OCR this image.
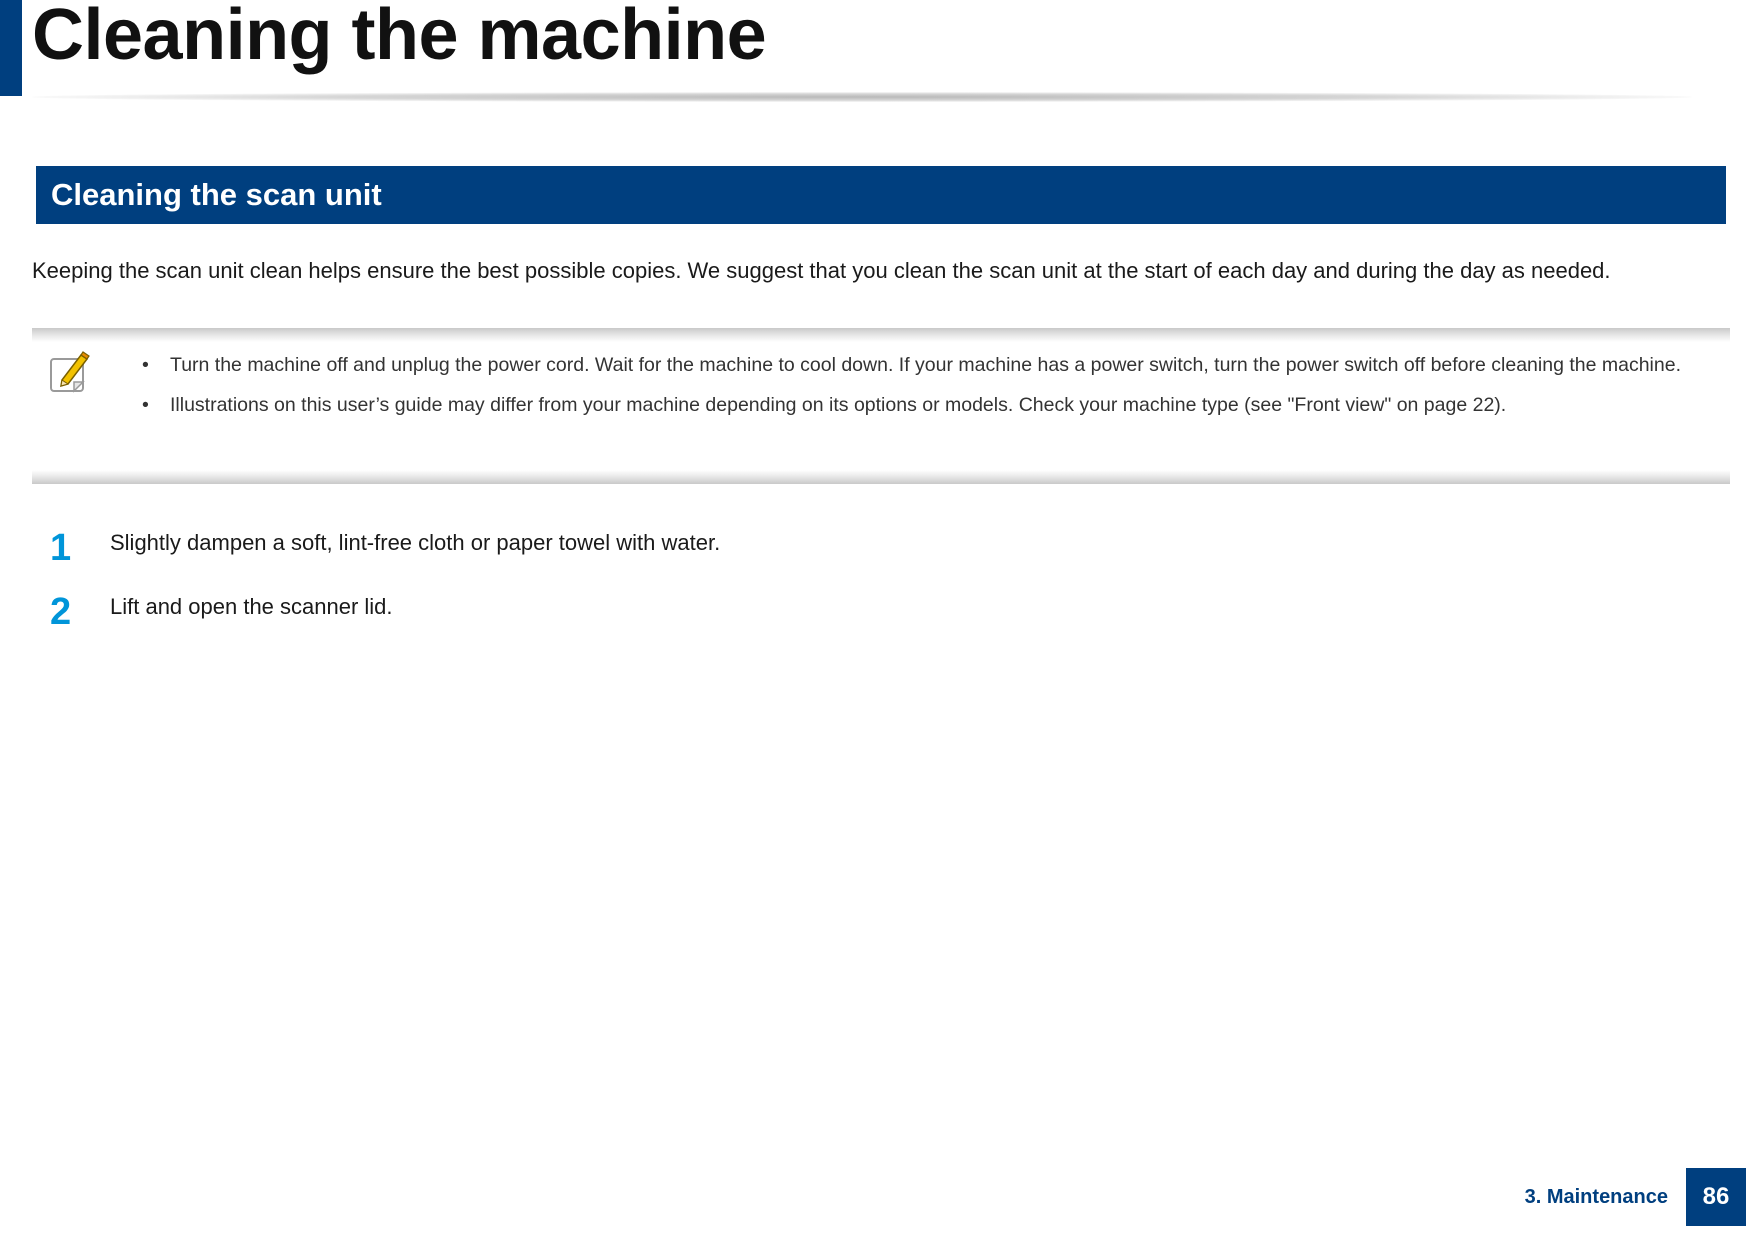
Cleaning the machine
Cleaning the scan unit

Keeping the scan unit clean helps ensure the best possible copies. We suggest that you clean the scan unit at the start of each day and during the day as needed.

• Turn the machine off and unplug the power cord. Wait for the machine to cool down. If your machine has a power switch, turn the power switch off before cleaning the machine.
• Illustrations on this user’s guide may differ from your machine depending on its options or models. Check your machine type (see "Front view" on page 22).
1 Slightly dampen a soft, lint-free cloth or paper towel with water.
2 Lift and open the scanner lid.
3. Maintenance	86
